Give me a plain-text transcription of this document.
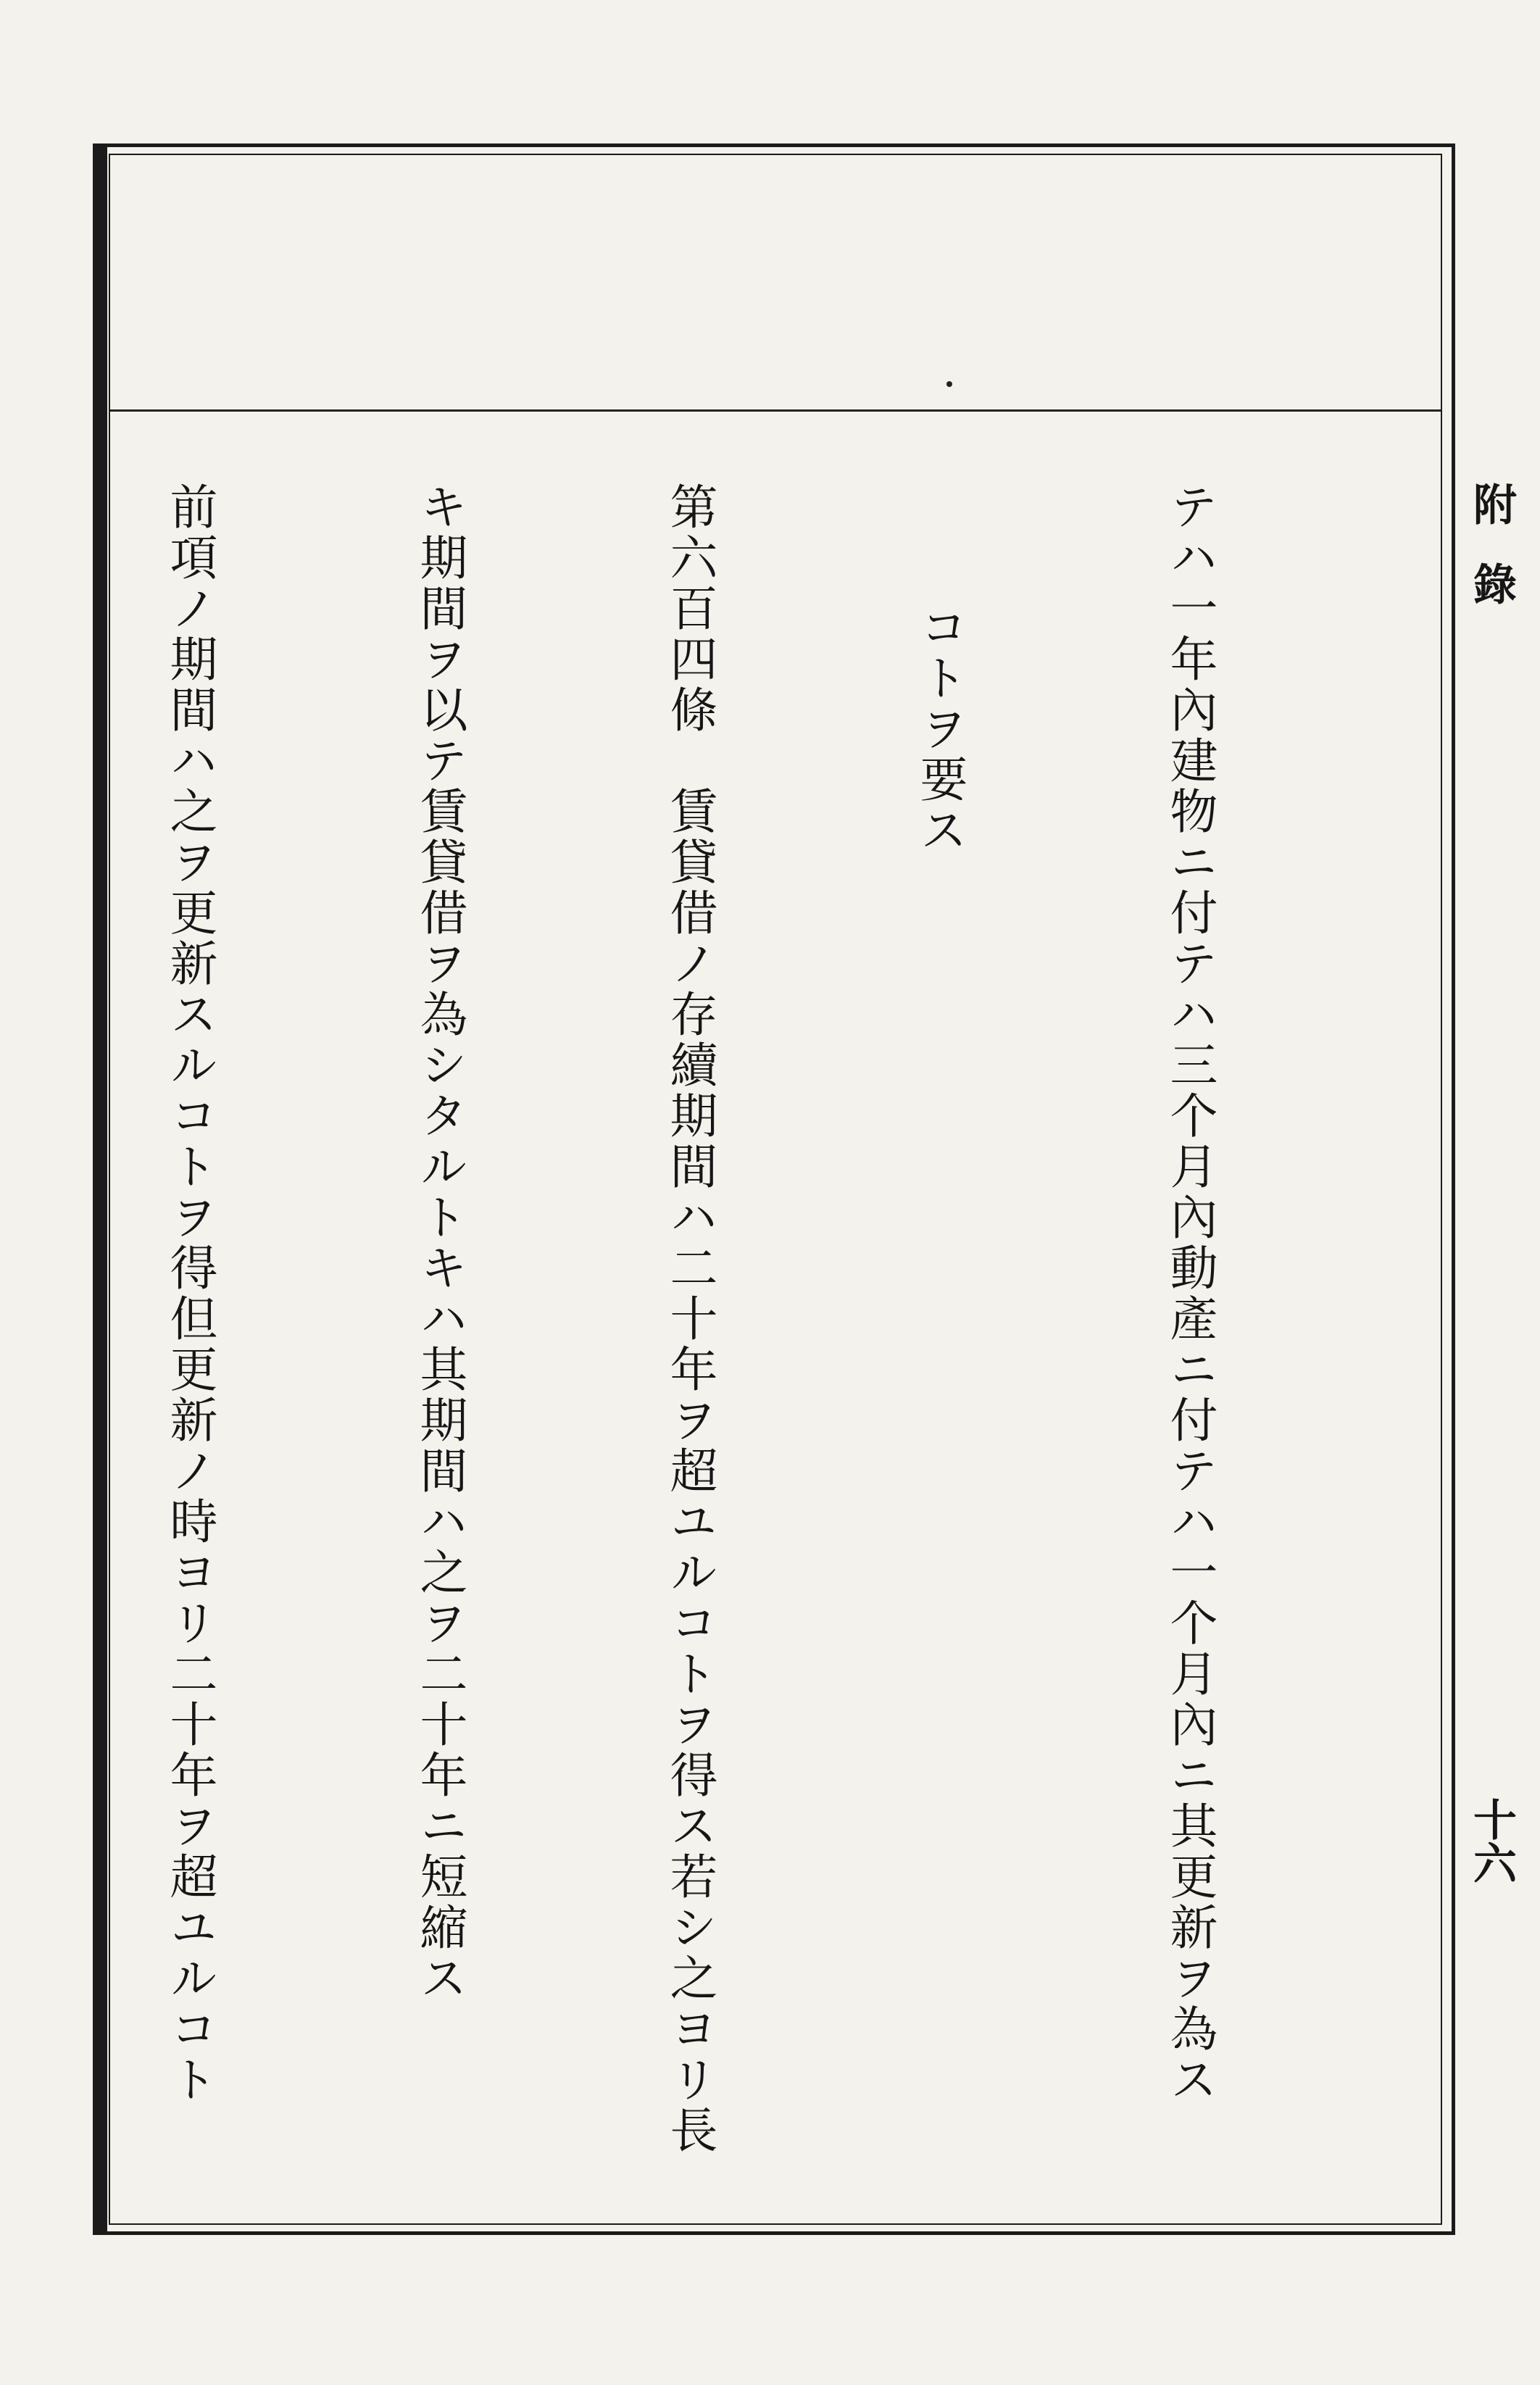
附錄
十六

テハ一年內建物ニ付テハ三个月內動產ニ付テハ一个月內ニ其更新ヲ為ス

コトヲ要ス

第六百四條　賃貸借ノ存續期間ハ二十年ヲ超ユルコトヲ得ス若シ之ヨリ長

キ期間ヲ以テ賃貸借ヲ為シタルトキハ其期間ハ之ヲ二十年ニ短縮ス

前項ノ期間ハ之ヲ更新スルコトヲ得但更新ノ時ヨリ二十年ヲ超ユルコト
